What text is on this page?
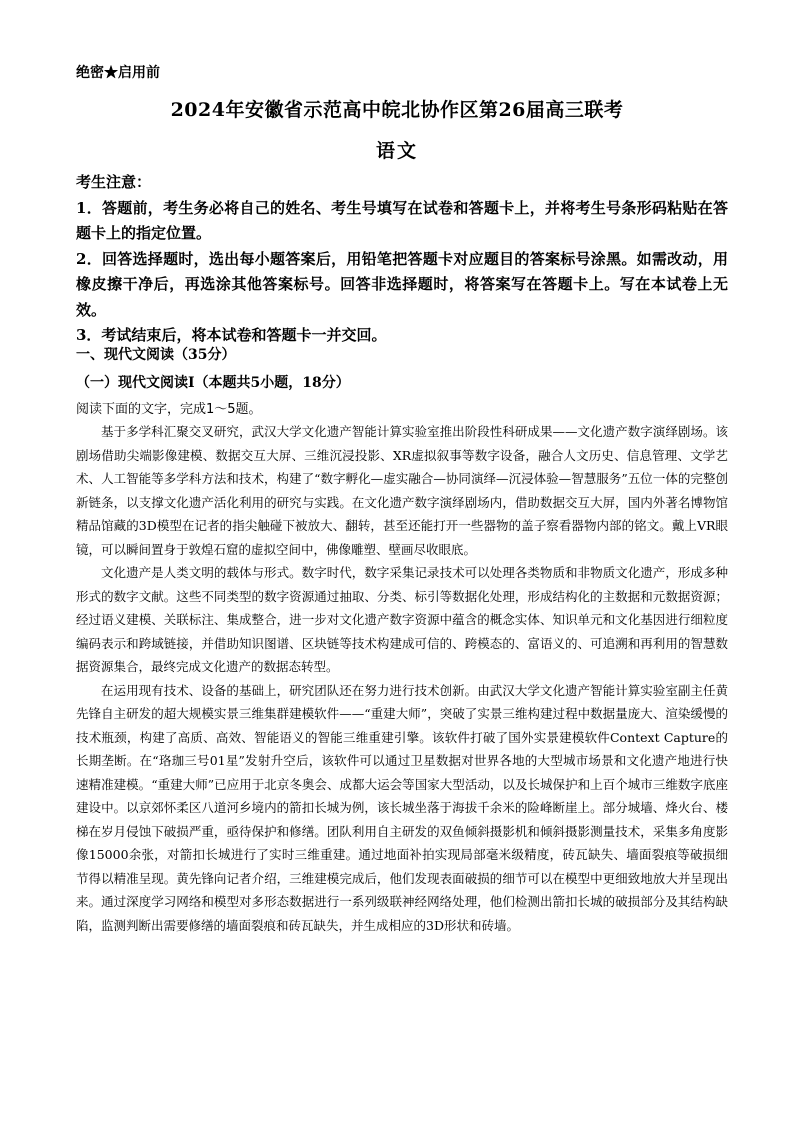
绝密★启用前
2024年安徽省示范高中皖北协作区第26届高三联考
语文
考生注意：
1．答题前，考生务必将自己的姓名、考生号填写在试卷和答题卡上，并将考生号条形码粘贴在答题卡上的指定位置。
2．回答选择题时，选出每小题答案后，用铅笔把答题卡对应题目的答案标号涂黑。如需改动，用橡皮擦干净后，再选涂其他答案标号。回答非选择题时，将答案写在答题卡上。写在本试卷上无效。
3．考试结束后，将本试卷和答题卡一并交回。
一、现代文阅读（35分）
（一）现代文阅读Ⅰ（本题共5小题，18分）
阅读下面的文字，完成1～5题。

基于多学科汇聚交叉研究，武汉大学文化遗产智能计算实验室推出阶段性科研成果——文化遗产数字演绎剧场。该剧场借助尖端影像建模、数据交互大屏、三维沉浸投影、XR虚拟叙事等数字设备，融合人文历史、信息管理、文学艺术、人工智能等多学科方法和技术，构建了“数字孵化—虚实融合—协同演绎—沉浸体验—智慧服务”五位一体的完整创新链条，以支撑文化遗产活化利用的研究与实践。在文化遗产数字演绎剧场内，借助数据交互大屏，国内外著名博物馆精品馆藏的3D模型在记者的指尖触碰下被放大、翻转，甚至还能打开一些器物的盖子察看器物内部的铭文。戴上VR眼镜，可以瞬间置身于敦煌石窟的虚拟空间中，佛像雕塑、壁画尽收眼底。

文化遗产是人类文明的载体与形式。数字时代，数字采集记录技术可以处理各类物质和非物质文化遗产，形成多种形式的数字文献。这些不同类型的数字资源通过抽取、分类、标引等数据化处理，形成结构化的主数据和元数据资源；经过语义建模、关联标注、集成整合，进一步对文化遗产数字资源中蕴含的概念实体、知识单元和文化基因进行细粒度编码表示和跨域链接，并借助知识图谱、区块链等技术构建成可信的、跨模态的、富语义的、可追溯和再利用的智慧数据资源集合，最终完成文化遗产的数据态转型。

在运用现有技术、设备的基础上，研究团队还在努力进行技术创新。由武汉大学文化遗产智能计算实验室副主任黄先锋自主研发的超大规模实景三维集群建模软件——“重建大师”，突破了实景三维构建过程中数据量庞大、渲染缓慢的技术瓶颈，构建了高质、高效、智能语义的智能三维重建引擎。该软件打破了国外实景建模软件Context Capture的长期垄断。在“珞珈三号01星”发射升空后，该软件可以通过卫星数据对世界各地的大型城市场景和文化遗产地进行快速精准建模。“重建大师”已应用于北京冬奥会、成都大运会等国家大型活动，以及长城保护和上百个城市三维数字底座建设中。以京郊怀柔区八道河乡境内的箭扣长城为例，该长城坐落于海拔千余米的险峰断崖上。部分城墙、烽火台、楼梯在岁月侵蚀下破损严重，亟待保护和修缮。团队利用自主研发的双鱼倾斜摄影机和倾斜摄影测量技术，采集多角度影像15000余张，对箭扣长城进行了实时三维重建。通过地面补拍实现局部毫米级精度，砖瓦缺失、墙面裂痕等破损细节得以精准呈现。黄先锋向记者介绍，三维建模完成后，他们发现表面破损的细节可以在模型中更细致地放大并呈现出来。通过深度学习网络和模型对多形态数据进行一系列级联神经网络处理，他们检测出箭扣长城的破损部分及其结构缺陷，监测判断出需要修缮的墙面裂痕和砖瓦缺失，并生成相应的3D形状和砖墙。
